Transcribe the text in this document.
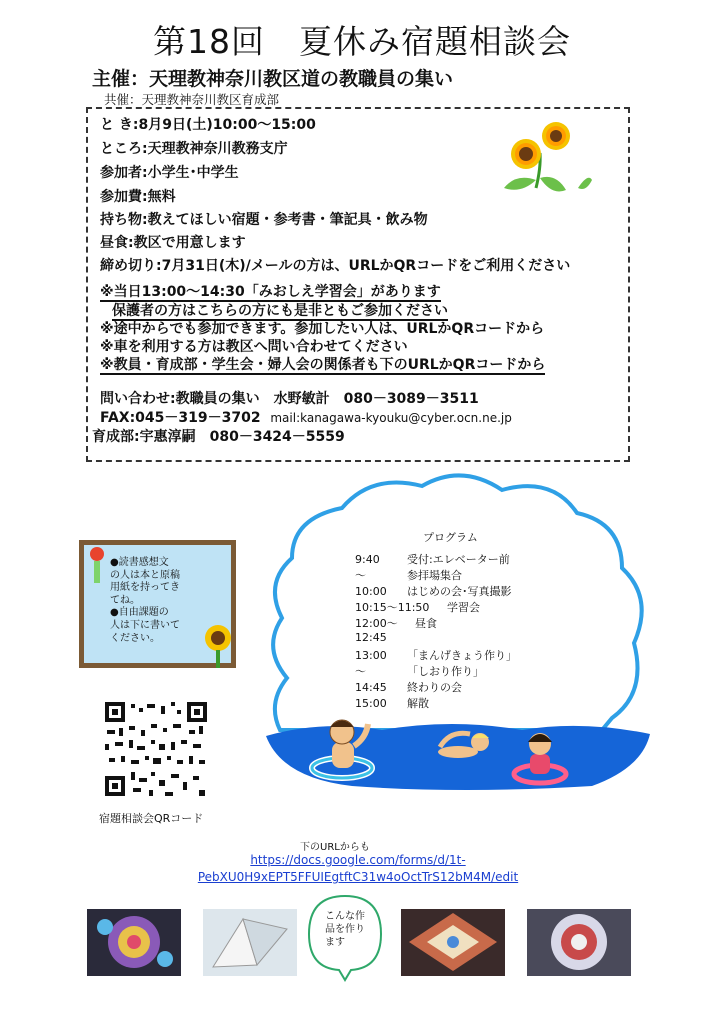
第18回　夏休み宿題相談会
主催：天理教神奈川教区道の教職員の集い
共催：天理教神奈川教区育成部
と き:8月9日(土)10:00～15:00
ところ:天理教神奈川教務支庁
参加者:小学生･中学生
参加費:無料
持ち物:教えてほしい宿題・参考書・筆記具・飲み物
昼食:教区で用意します
締め切り:7月31日(木)/メールの方は、URLかQRコードをご利用ください
※当日13:00～14:30「みおしえ学習会」があります
保護者の方はこちらの方にも是非ともご参加ください
※途中からでも参加できます。参加したい人は、URLかQRコードから
※車を利用する方は教区へ問い合わせてください
※教員・育成部・学生会・婦人会の関係者も下のURLかQRコードから
問い合わせ:教職員の集い　水野敏計　080－3089－3511
FAX:045－319－3702 mail:kanagawa-kyouku@cyber.ocn.ne.jp
育成部:宇惠淳嗣　080－3424－5559
プログラム
9:40 受付:エレベーター前
～	参拝場集合
10:00 はじめの会･写真撮影
10:15～11:50 学習会
12:00～ 昼食
12:45
13:00 「まんげきょう作り」
～	「しおり作り」
14:45 終わりの会
15:00 解散
●読書感想文
の人は本と原稿
用紙を持ってき
てね。
●自由課題の
人は下に書いて
ください。
宿題相談会QRコード
下のURLからも
https://docs.google.com/forms/d/1t-
PebXU0H9xEPT5FFUIEgtftC31w4oOctTrS12bM4M/edit
こんな作
品を作り
ます
